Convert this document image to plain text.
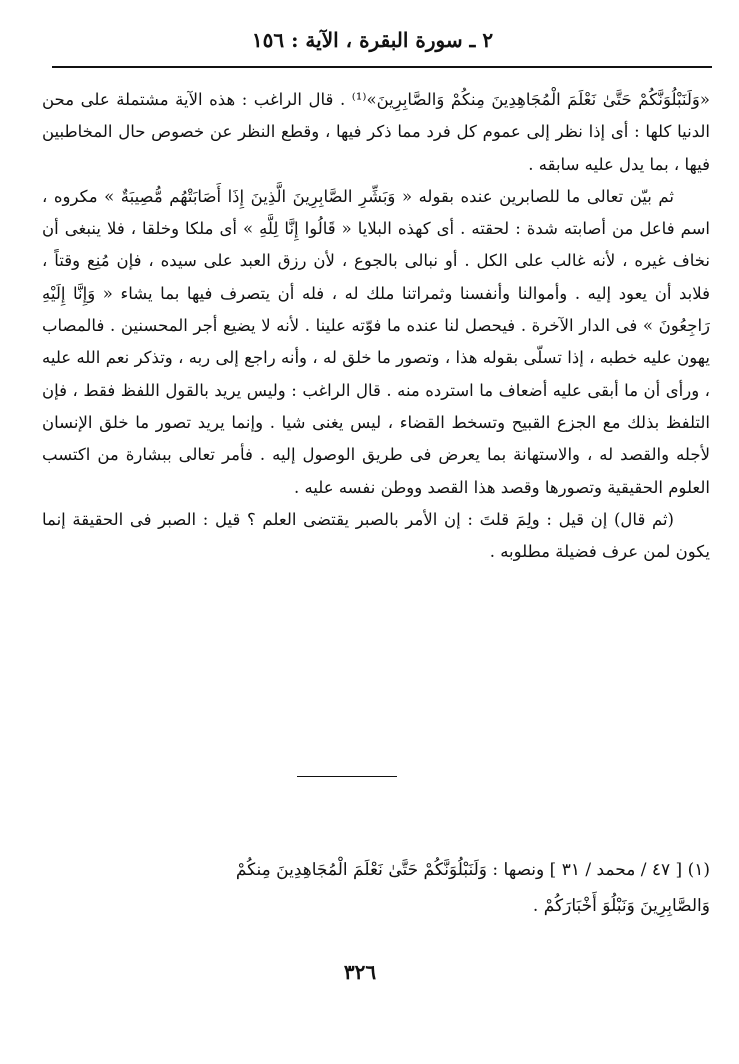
٢ ـ سورة البقرة ، الآية : ١٥٦

«وَلَنَبْلُوَنَّكُمْ حَتَّىٰ نَعْلَمَ الْمُجَاهِدِينَ مِنكُمْ وَالصَّابِرِينَ»⁽¹⁾ . قال الراغب : هذه الآية مشتملة على محن الدنيا كلها : أى إذا نظر إلى عموم كل فرد مما ذكر فيها ، وقطع النظر عن خصوص حال المخاطبين فيها ، بما يدل عليه سابقه .

ثم بيّن تعالى ما للصابرين عنده بقوله « وَبَشِّرِ الصَّابِرِينَ الَّذِينَ إِذَا أَصَابَتْهُم مُّصِيبَةٌ » مكروه ، اسم فاعل من أصابته شدة : لحقته . أى كهذه البلايا « قَالُوا إِنَّا لِلَّهِ » أى ملكا وخلقا ، فلا ينبغى أن نخاف غيره ، لأنه غالب على الكل . أو نبالى بالجوع ، لأن رزق العبد على سيده ، فإن مُنِع وقتاً ، فلابد أن يعود إليه . وأموالنا وأنفسنا وثمراتنا ملك له ، فله أن يتصرف فيها بما يشاء « وَإِنَّا إِلَيْهِ رَاجِعُونَ » فى الدار الآخرة . فيحصل لنا عنده ما فوّته علينا . لأنه لا يضيع أجر المحسنين . فالمصاب يهون عليه خطبه ، إذا تسلّى بقوله هذا ، وتصور ما خلق له ، وأنه راجع إلى ربه ، وتذكر نعم الله عليه ، ورأى أن ما أبقى عليه أضعاف ما استرده منه . قال الراغب : وليس يريد بالقول اللفظ فقط ، فإن التلفظ بذلك مع الجزع القبيح وتسخط القضاء ، ليس يغنى شيا . وإنما يريد تصور ما خلق الإنسان لأجله والقصد له ، والاستهانة بما يعرض فى طريق الوصول إليه . فأمر تعالى ببشارة من اكتسب العلوم الحقيقية وتصورها وقصد هذا القصد ووطن نفسه عليه .

(ثم قال) إن قيل : ولِمَ قلتَ : إن الأمر بالصبر يقتضى العلم ؟ قيل : الصبر فى الحقيقة إنما يكون لمن عرف فضيلة مطلوبه .

(١) [ ٤٧ / محمد / ٣١ ] ونصها : وَلَنَبْلُوَنَّكُمْ حَتَّىٰ نَعْلَمَ الْمُجَاهِدِينَ مِنكُمْ

وَالصَّابِرِينَ وَنَبْلُوَ أَخْبَارَكُمْ .

٣٢٦
